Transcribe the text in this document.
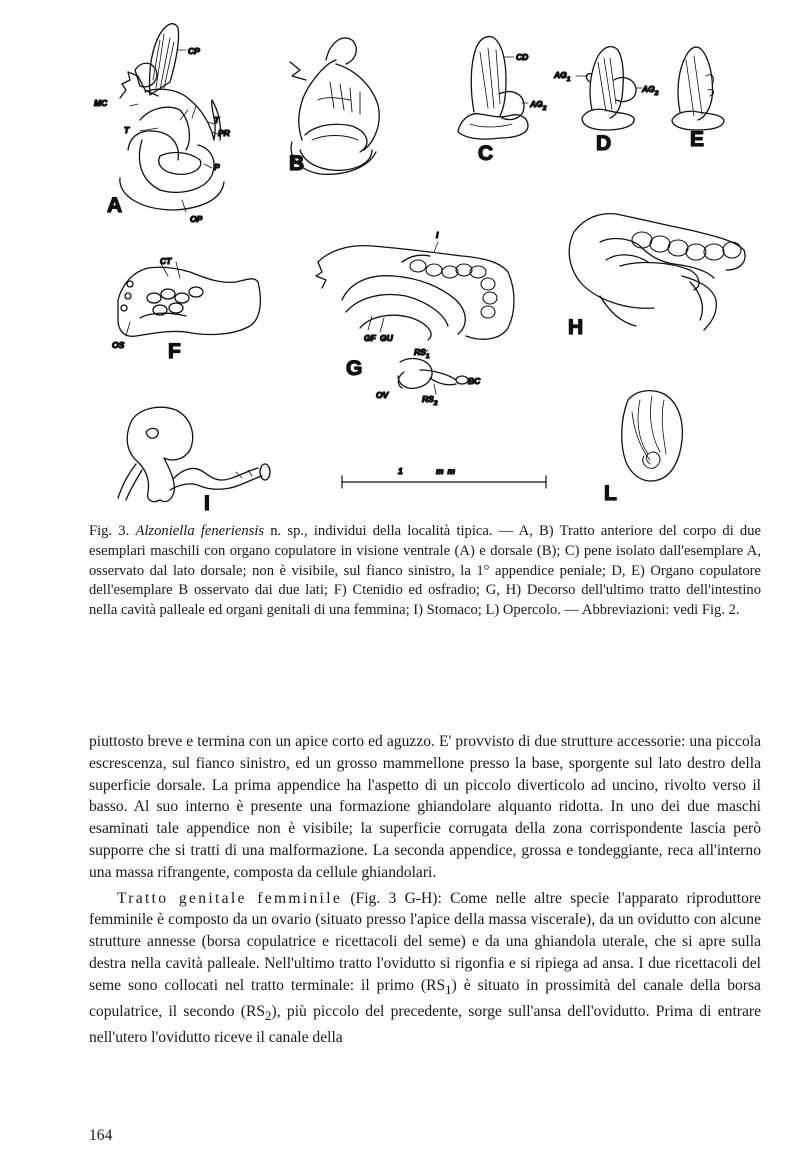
A
CP
MC
T
T
PR
P
OP
B	C
CD
$AG_2$
D
$AG_1$
$AG_2$
E
F
CT
OS
G
I
GF GU
$RS_1$
BC
OV	$RS_2$
H
I
1	mm
L
Fig. 3. Alzoniella feneriensis n. sp., individui della località tipica. — A, B) Tratto anteriore del corpo di due esemplari maschili con organo copulatore in visione ventrale (A) e dorsale (B); C) pene isolato dall'esemplare A, osservato dal lato dorsale; non è visibile, sul fianco sinistro, la 1° appendice peniale; D, E) Organo copulatore dell'esemplare B osservato dai due lati; F) Ctenidio ed osfradio; G, H) Decorso dell'ultimo tratto dell'intestino nella cavità palleale ed organi genitali di una femmina; I) Stomaco; L) Opercolo. — Abbreviazioni: vedi Fig. 2.

piuttosto breve e termina con un apice corto ed aguzzo. E' provvisto di due strutture accessorie: una piccola escrescenza, sul fianco sinistro, ed un grosso mammellone presso la base, sporgente sul lato destro della superficie dorsale. La prima appendice ha l'aspetto di un piccolo diverticolo ad uncino, rivolto verso il basso. Al suo interno è presente una formazione ghiandolare alquanto ridotta. In uno dei due maschi esaminati tale appendice non è visibile; la superficie corrugata della zona corrispondente lascia però supporre che si tratti di una malformazione. La seconda appendice, grossa e tondeggiante, reca all'interno una massa rifrangente, composta da cellule ghiandolari.

Tratto genitale femminile (Fig. 3 G-H): Come nelle altre specie l'apparato riproduttore femminile è composto da un ovario (situato presso l'apice della massa viscerale), da un ovidutto con alcune strutture annesse (borsa copulatrice e ricettacoli del seme) e da una ghiandola uterale, che si apre sulla destra nella cavità palleale. Nell'ultimo tratto l'ovidutto si rigonfia e si ripiega ad ansa. I due ricettacoli del seme sono collocati nel tratto terminale: il primo $(RS_1)$ è situato in prossimità del canale della borsa copulatrice, il secondo $(RS_2)$, più piccolo del precedente, sorge sull'ansa dell'ovidutto. Prima di entrare nell'utero l'ovidutto riceve il canale della

164
